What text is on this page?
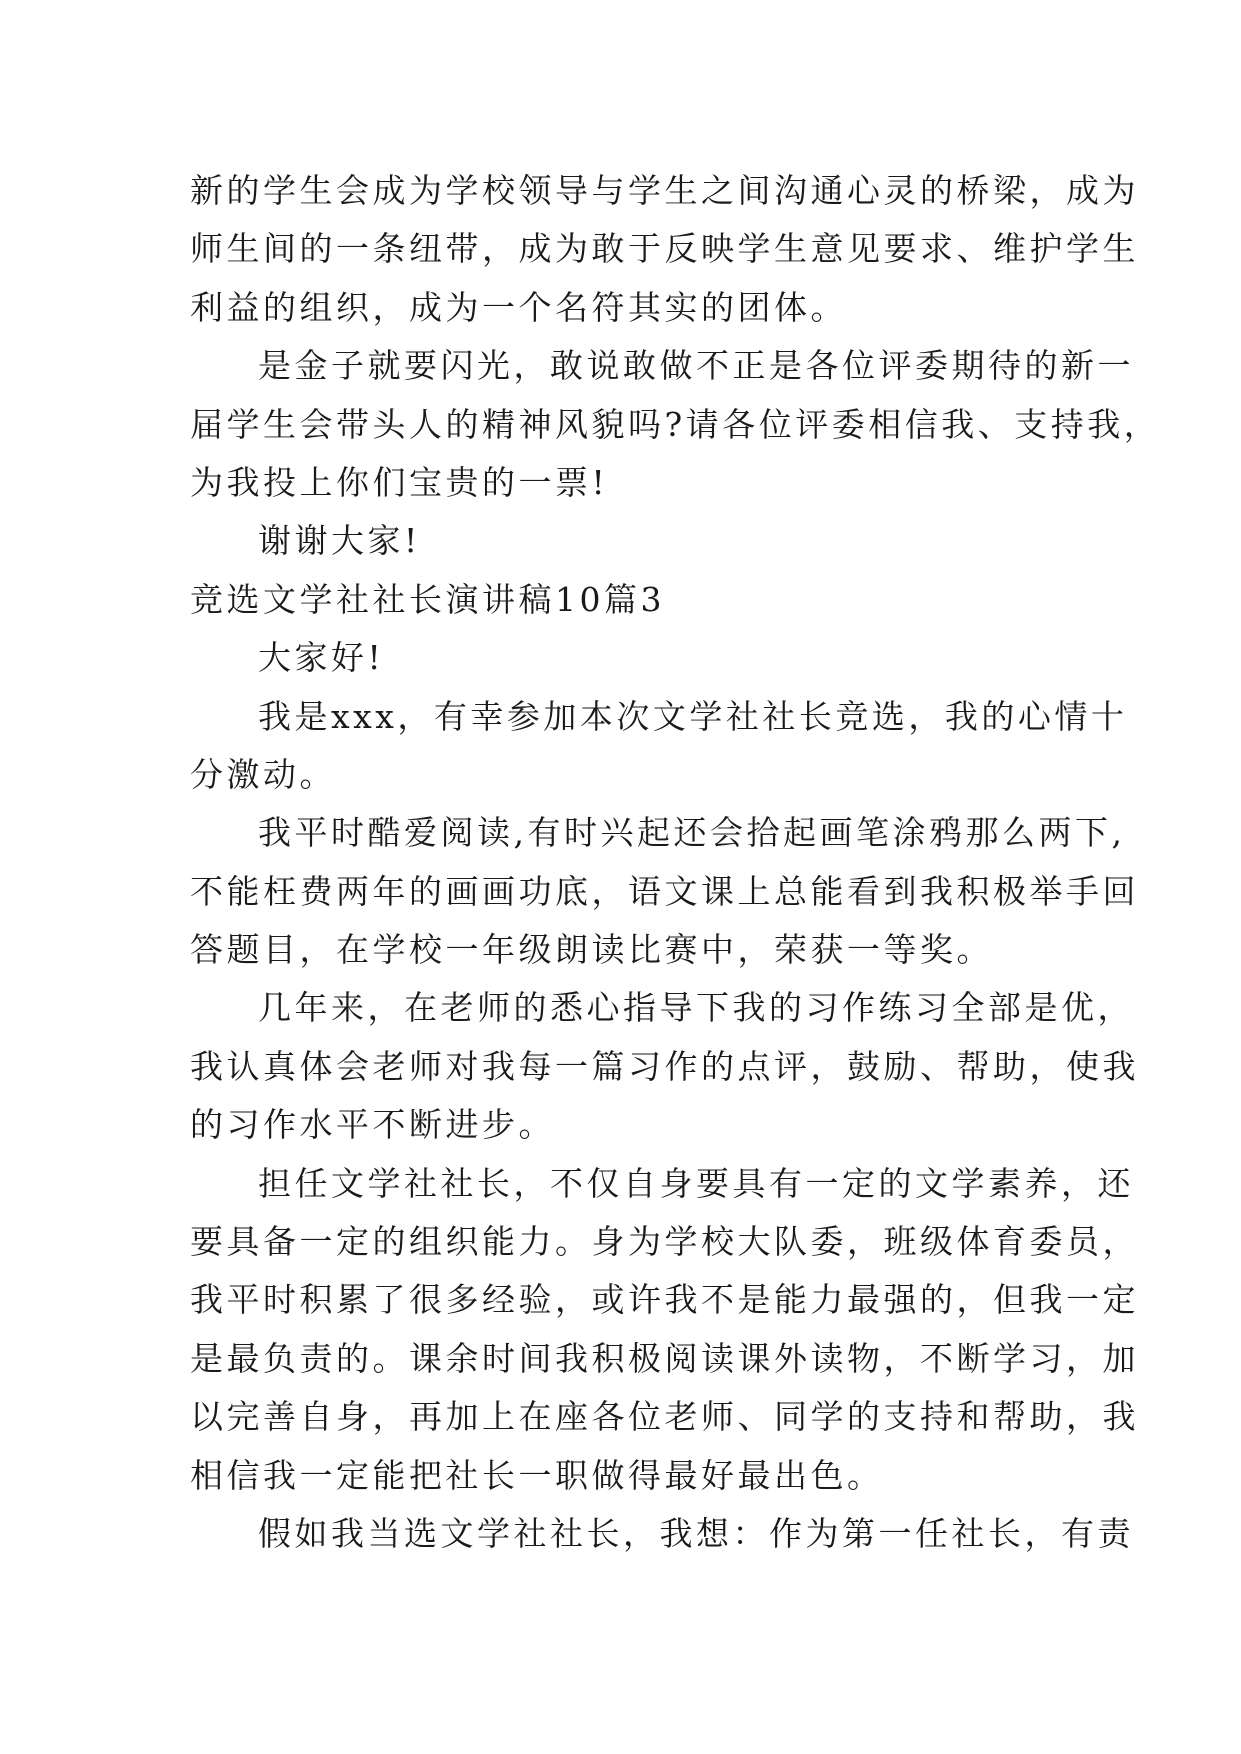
新的学生会成为学校领导与学生之间沟通心灵的桥梁，成为
师生间的一条纽带，成为敢于反映学生意见要求、维护学生
利益的组织，成为一个名符其实的团体。
是金子就要闪光，敢说敢做不正是各位评委期待的新一
届学生会带头人的精神风貌吗?请各位评委相信我、支持我，
为我投上你们宝贵的一票!
谢谢大家!
竞选文学社社长演讲稿10篇3
大家好!
我是xxx，有幸参加本次文学社社长竞选，我的心情十
分激动。
我平时酷爱阅读,有时兴起还会拾起画笔涂鸦那么两下,
不能枉费两年的画画功底，语文课上总能看到我积极举手回
答题目，在学校一年级朗读比赛中，荣获一等奖。
几年来，在老师的悉心指导下我的习作练习全部是优，
我认真体会老师对我每一篇习作的点评，鼓励、帮助，使我
的习作水平不断进步。
担任文学社社长，不仅自身要具有一定的文学素养，还
要具备一定的组织能力。身为学校大队委，班级体育委员，
我平时积累了很多经验，或许我不是能力最强的，但我一定
是最负责的。课余时间我积极阅读课外读物，不断学习，加
以完善自身，再加上在座各位老师、同学的支持和帮助，我
相信我一定能把社长一职做得最好最出色。
假如我当选文学社社长，我想：作为第一任社长，有责
